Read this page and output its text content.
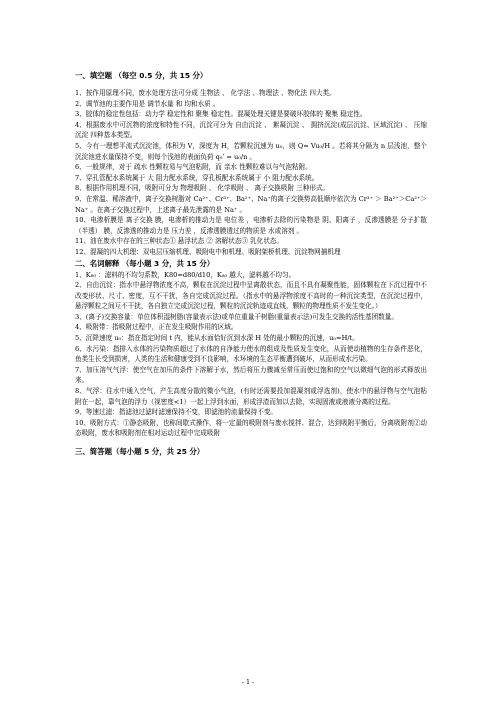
一、填空题 （每空 0.5 分，共 15 分）

1、按作用原理不同，废水处理方法可分成 生物法 、 化学法 、物理法 、物化法 四大类。

2、调节池的主要作用是 调节水量 和 均和水质 。

3、胶体的稳定性包括：动力学 稳定性和 聚集 稳定性。混凝处理关键是要破坏胶体的 聚集 稳定性。

4、根据废水中可沉物的浓度和特性不同，沉淀可分为 自由沉淀 、 絮凝沉淀 、 拥挤沉淀(成层沉淀、区域沉淀) 、 压缩沉淀 四种基本类型。

5、今有一理想平流式沉淀池，体积为 V，深度为 H，若颗粒沉速为 u₀，则 Q= Vu₀/H 。若将其分隔为 n 层浅池，整个沉淀池进水量保持不变，则每个浅池的表面负荷 q₀ʹ = u₀/n 。

6、一般规律，对于 疏水 性颗粒易与气泡粘附，而 亲水 性颗粒难以与气泡粘附。

7、穿孔管配水系统属于 大 阻力配水系统，穿孔板配水系统属于 小 阻力配水系统。

8、根据作用机理不同，吸附可分为 物理吸附 、 化学吸附 、 离子交换吸附 三种形式。

9、在常温、稀溶液中，离子交换树脂对 Ca²⁺、Cr³⁺、Ba²⁺、Na⁺的离子交换势高低顺序依次为 Cr³⁺ ＞ Ba²⁺＞Ca²⁺＞ Na⁺ 。在离子交换过程中，上述离子最先泄露的是 Na⁺ 。

10、电渗析膜是 离子交换 膜，电渗析的推动力是 电位差 ，电渗析去除的污染物是 阴、阳离子 ，反渗透膜是 分子扩散（半透） 膜，反渗透的推动力是 压力差 ，反渗透膜透过的物质是 水或溶剂 。

11、油在废水中存在的三种状态① 悬浮状态 ② 溶解状态③ 乳化状态。

12、混凝的四大机理：双电层压缩机理、吸附电中和机理、吸附架桥机理、沉淀物网捕机理

二、名词解释 （每小题 3 分，共 15 分）

1、K₈₀ ：滤料的不均匀系数，K80=d80/d10，K₈₀ 越大，滤料越不均匀。

2、自由沉淀：指水中悬浮物浓度不高，颗粒在沉淀过程中呈离散状态，而且不具有凝聚性能，固体颗粒在下沉过程中不改变形状、尺寸、密度，互不干扰，各自完成沉淀过程。（指水中的悬浮物浓度不高时的一种沉淀类型，在沉淀过程中，悬浮颗粒之间互不干扰，各自独立完成沉淀过程，颗粒的沉淀轨迹成直线，颗粒的物理性质不发生变化。）

3、(离子)交换容量：单位体积湿树脂(容量表示法)或单位重量干树脂(重量表示法)可发生交换的活性基团数量。

4、吸附带：指吸附过程中，正在发生吸附作用的区域。

5、沉降速度 u₀：指在指定时间 t 内，能从水面恰好沉到水深 H 处的最小颗粒的沉速，u₀=H/t。

6、水污染：指排入水体的污染物质超过了水体的自净能力使水的组成及性质发生变化，从而使动植物的生存条件恶化，鱼类生长受到损害，人类的生活和健康受到不良影响，水环境的生态平衡遭到破坏，从而形成水污染。

7、加压溶气气浮：使空气在加压的条件下溶解于水，然后将压力骤减至常压而使过饱和的空气以微细气泡的形式释放出来。

8、气浮：往水中通入空气，产生高度分散的微小气泡，(有时还需要投加混凝剂或浮选剂)，使水中的悬浮物与空气泡粘附在一起，靠气泡的浮力（视密度<1）一起上浮到水面，形成浮渣而加以去除，实现固液或液液分离的过程。

9、等速过滤：指滤池过滤时滤速保持不变，即滤池的流量保持不变。

10、吸附方式：①静态吸附，也称间歇式操作，将一定量的吸附剂与废水搅拌、混合，达到吸附平衡后，分离吸附剂②动态吸附，废水和吸附剂在相对运动过程中完成吸附

三、简答题（每小题 5 分，共 25 分）
- 1 -
